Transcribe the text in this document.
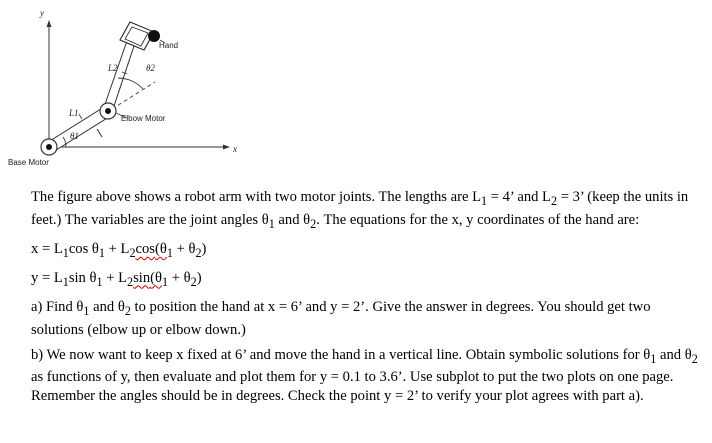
y
x
Hand
Elbow Motor
Base Motor
L1
L2
θ1
θ2

The figure above shows a robot arm with two motor joints. The lengths are $L_1 = 4$’ and $L_2 = 3$’ (keep the units in feet.) The variables are the joint angles $\theta_1$ and $\theta_2$. The equations for the x, y coordinates of the hand are:

$x = L_1\cos$ $\theta_1 + L_2\cos(\theta_1 + \theta_2)$
$y = L_1\sin$ $\theta_1 + L_2\sin(\theta_1 + \theta_2)$

a) Find $\theta_1$ and $\theta_2$ to position the hand at x = 6’ and y = 2’. Give the answer in degrees. You should get two solutions (elbow up or elbow down.)

b) We now want to keep x fixed at 6’ and move the hand in a vertical line. Obtain symbolic solutions for $\theta_1$ and $\theta_2$ as functions of y, then evaluate and plot them for y = 0.1 to 3.6’. Use subplot to put the two plots on one page. Remember the angles should be in degrees. Check the point y = 2’ to verify your plot agrees with part a).
